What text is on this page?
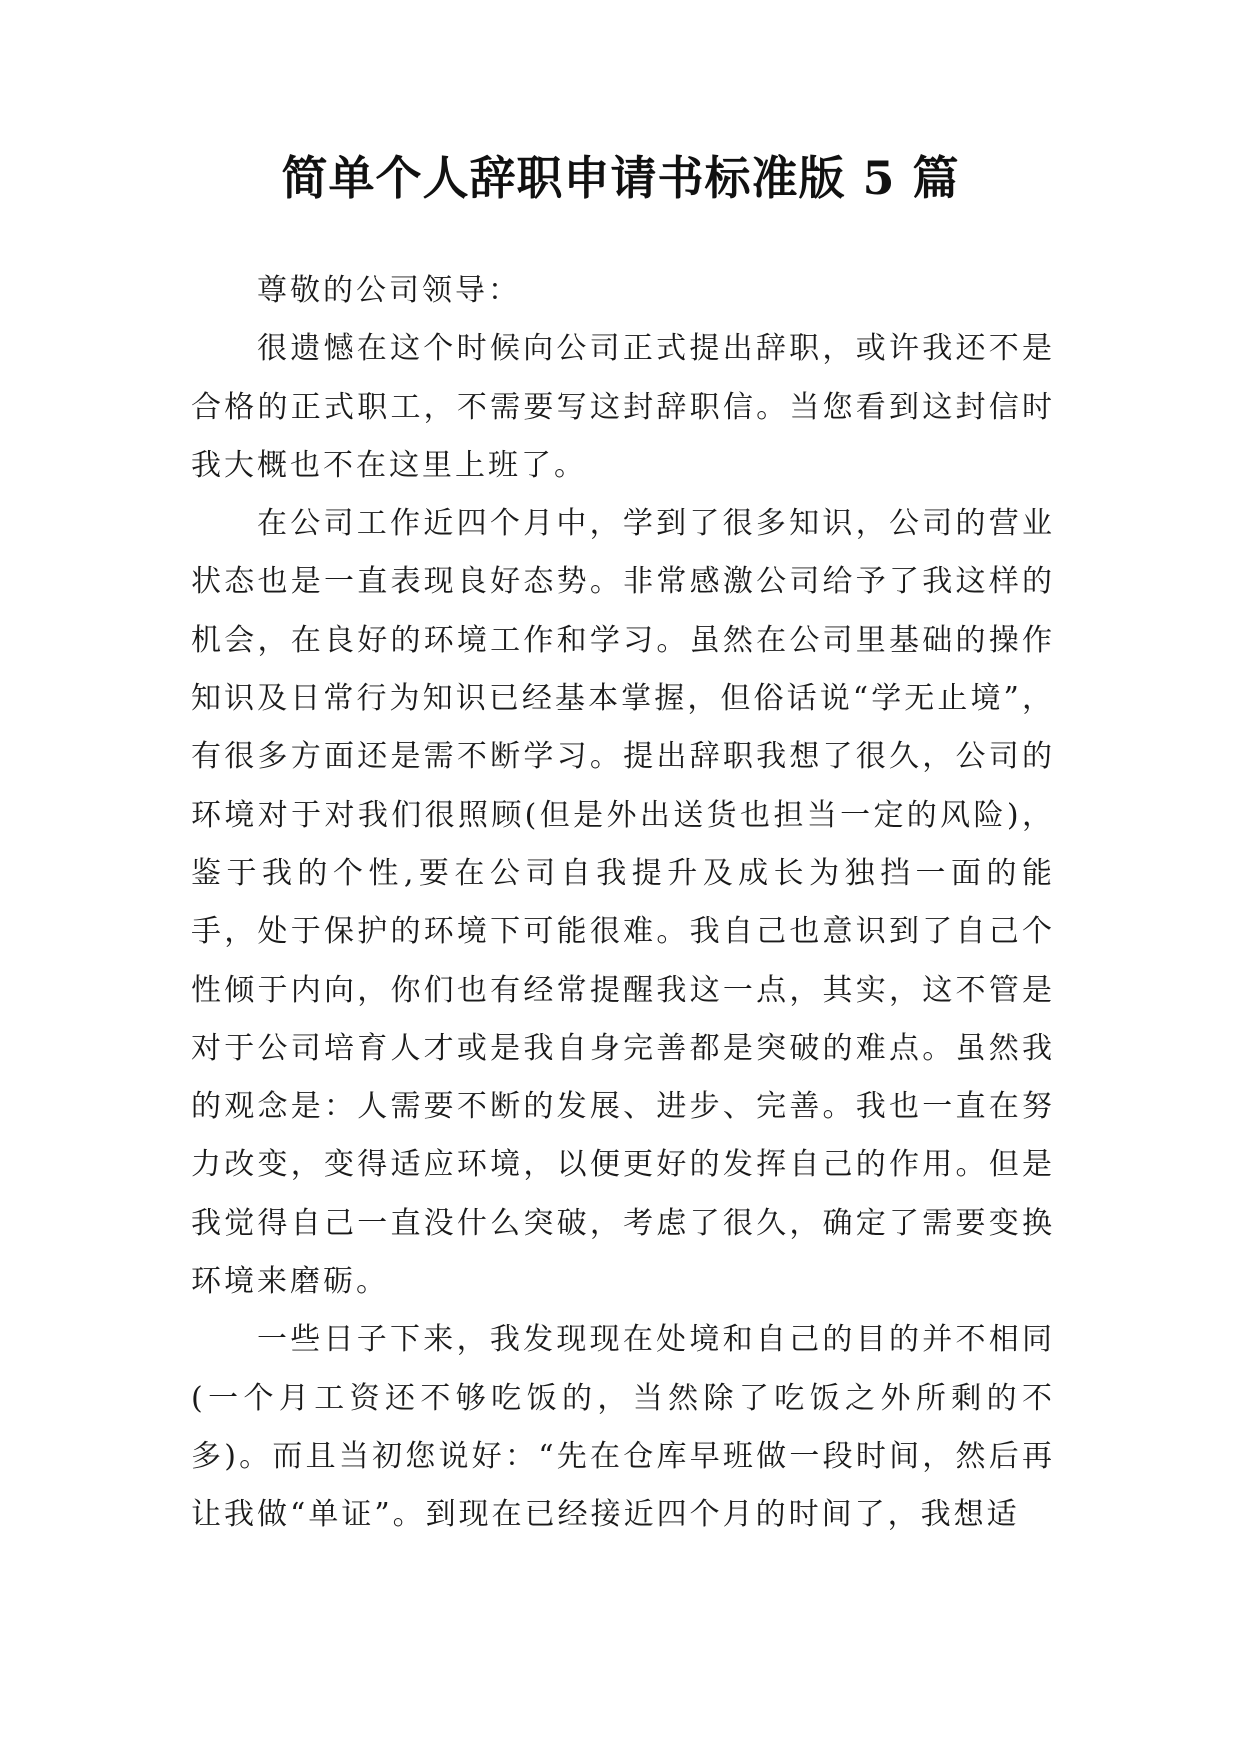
简单个人辞职申请书标准版 5 篇

尊敬的公司领导：

很遗憾在这个时候向公司正式提出辞职，或许我还不是合格的正式职工，不需要写这封辞职信。当您看到这封信时我大概也不在这里上班了。

在公司工作近四个月中，学到了很多知识，公司的营业状态也是一直表现良好态势。非常感激公司给予了我这样的机会，在良好的环境工作和学习。虽然在公司里基础的操作知识及日常行为知识已经基本掌握，但俗话说“学无止境”，有很多方面还是需不断学习。提出辞职我想了很久，公司的环境对于对我们很照顾(但是外出送货也担当一定的风险)，鉴于我的个性,要在公司自我提升及成长为独挡一面的能手，处于保护的环境下可能很难。我自己也意识到了自己个性倾于内向，你们也有经常提醒我这一点，其实，这不管是对于公司培育人才或是我自身完善都是突破的难点。虽然我的观念是：人需要不断的发展、进步、完善。我也一直在努力改变，变得适应环境，以便更好的发挥自己的作用。但是我觉得自己一直没什么突破，考虑了很久，确定了需要变换环境来磨砺。

一些日子下来，我发现现在处境和自己的目的并不相同(一个月工资还不够吃饭的，当然除了吃饭之外所剩的不多)。而且当初您说好：“先在仓库早班做一段时间，然后再让我做“单证”。到现在已经接近四个月的时间了，我想适
